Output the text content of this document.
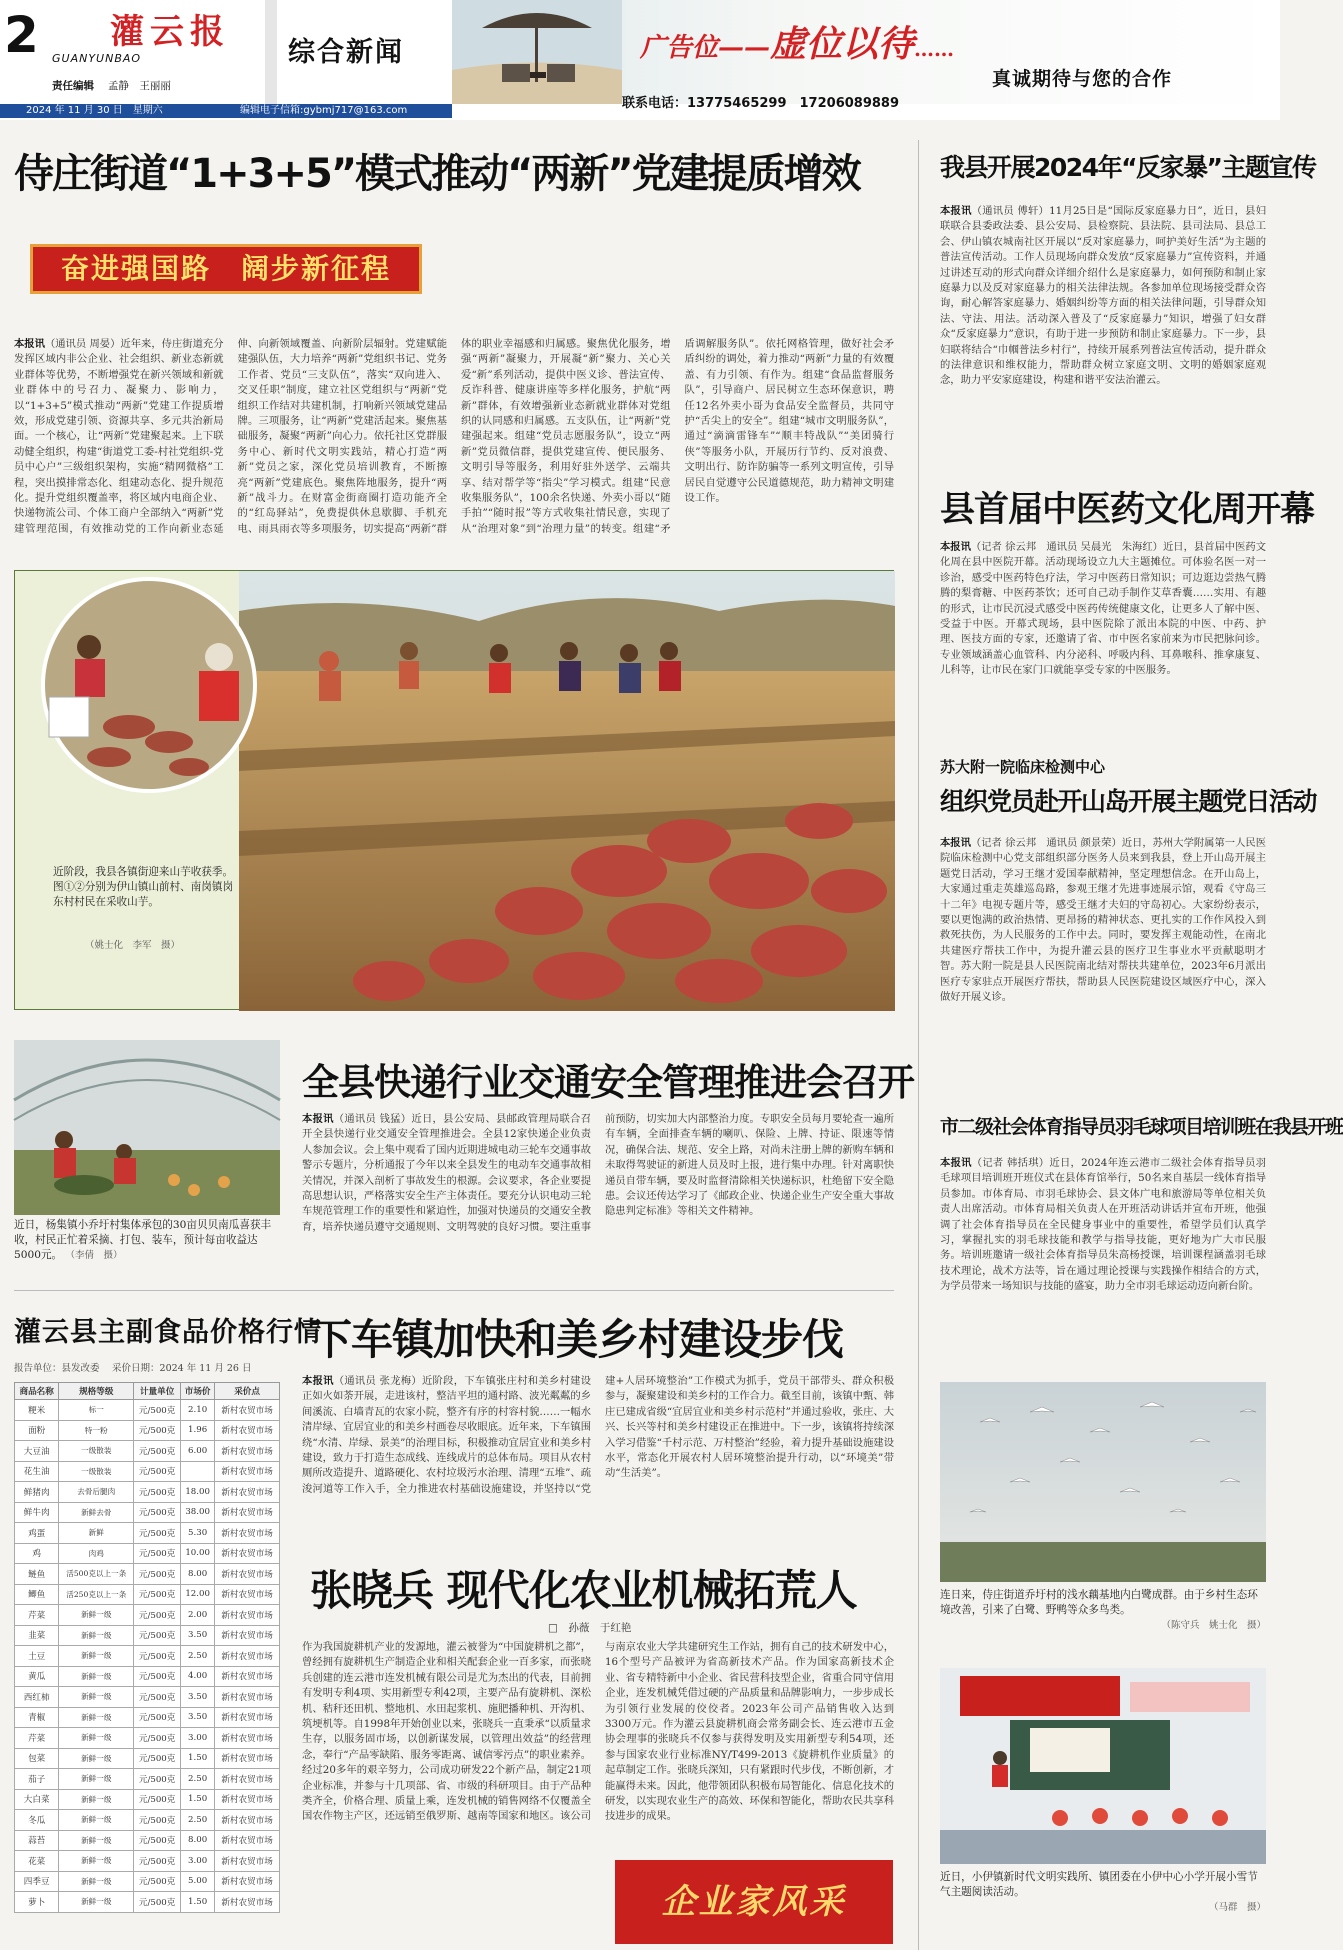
2 灌云报
GUANYUNBAO
责任编辑　 孟静　王丽丽
综合新闻	广告位——虚位以待……
真诚期待与您的合作
联系电话：13775465299　17206089889
2024 年 11 月 30 日　星期六	编辑电子信箱:gybmj717@163.com
侍庄街道“1+3+5”模式推动“两新”党建提质增效
奋进强国路　阔步新征程
本报讯（通讯员 周晏）近年来，侍庄街道充分发挥区域内非公企业、社会组织、新业态新就业群体等优势，不断增强党在新兴领域和新就业群体中的号召力、凝聚力、影响力，以“1+3+5”模式推动“两新”党建工作提质增效，形成党建引领、资源共享、多元共治新局面。一个核心，让“两新”党建聚起来。上下联动健全组织，构建“街道党工委-村社党组织-党员中心户”三级组织架构，实施“精网微格”工程，突出摸排常态化、组建动态化、提升规范化。提升党组织覆盖率，将区域内电商企业、快递物流公司、个体工商户全部纳入“两新”党建管理范围，有效推动党的工作向新业态延伸、向新领域覆盖、向新阶层辐射。党建赋能建强队伍，大力培养“两新”党组织书记、党务工作者、党员“三支队伍”，落实“双向进入、交叉任职”制度，建立社区党组织与“两新”党组织工作结对共建机制，打响新兴领域党建品牌。三项服务，让“两新”党建活起来。聚焦基础服务，凝聚“两新”向心力。依托社区党群服务中心、新时代文明实践站，精心打造“两新”党员之家，深化党员培训教育，不断擦亮“两新”党建底色。聚焦阵地服务，提升“两新”战斗力。在财富金街商圈打造功能齐全的“红岛驿站”，免费提供休息歇脚、手机充电、雨具雨衣等多项服务，切实提高“两新”群体的职业幸福感和归属感。聚焦优化服务，增强“两新”凝聚力，开展凝“新”聚力、关心关爱“新”系列活动，提供中医义诊、普法宣传、反诈科普、健康讲座等多样化服务，护航“两新”群体，有效增强新业态新就业群体对党组织的认同感和归属感。五支队伍，让“两新”党建强起来。组建“党员志愿服务队”，设立“两新”党员微信群，提供党建宣传、便民服务、文明引导等服务，利用好驻外送学、云端共享、结对帮学等“指尖”学习模式。组建“民意收集服务队”，100余名快递、外卖小哥以“随手拍”“随时报”等方式收集社情民意，实现了从“治理对象”到“治理力量”的转变。组建“矛盾调解服务队”。依托网格管理，做好社会矛盾纠纷的调处，着力推动“两新”力量的有效覆盖、有力引领、有作为。组建“食品监督服务队”，引导商户、居民树立生态环保意识，聘任12名外卖小哥为食品安全监督员，共同守护“舌尖上的安全”。组建“城市文明服务队”，通过“滴滴雷锋车”“顺丰特战队”“美团骑行侠”等服务小队，开展历行节约、反对浪费、文明出行、防诈防骗等一系列文明宣传，引导居民自觉遵守公民道德规范，助力精神文明建设工作。
近阶段，我县各镇街迎来山芋收获季。图①②分别为伊山镇山前村、南岗镇岗东村村民在采收山芋。
（姚士化　李军　摄）
近日，杨集镇小乔圩村集体承包的30亩贝贝南瓜喜获丰收，村民正忙着采摘、打包、装车，预计每亩收益达5000元。 （李倩　摄）
全县快递行业交通安全管理推进会召开
本报讯（通讯员 钱猛）近日，县公安局、县邮政管理局联合召开全县快递行业交通安全管理推进会。全县12家快递企业负责人参加会议。会上集中观看了国内近期进城电动三轮车交通事故警示专题片，分析通报了今年以来全县发生的电动车交通事故相关情况，并深入剖析了事故发生的根源。会议要求，各企业要提高思想认识，严格落实安全生产主体责任。要充分认识电动三轮车规范管理工作的重要性和紧迫性，加强对快递员的交通安全教育，培养快递员遵守交通规则、文明驾驶的良好习惯。要注重事前预防，切实加大内部整治力度。专职安全员每月要轮查一遍所有车辆，全面排查车辆的喇叭、保险、上牌、持证、限速等情况，确保合法、规范、安全上路，对尚未注册上牌的新购车辆和未取得驾驶证的新进人员及时上报，进行集中办理。针对离职快递员自带车辆，要及时监督清除相关快递标识，杜绝留下安全隐患。会议还传达学习了《邮政企业、快递企业生产安全重大事故隐患判定标准》等相关文件精神。
灌云县主副食品价格行情
报告单位：县发改委　 采价日期：2024 年 11 月 26 日
商品名称	规格等级	计量单位	市场价	采价点
粳米	标一	元/500克	2.10	新村农贸市场
面粉	特一粉	元/500克	1.96	新村农贸市场
大豆油	一级散装	元/500克	6.00	新村农贸市场
花生油	一级散装	元/500克		新村农贸市场
鲜猪肉	去骨后腿肉	元/500克	18.00	新村农贸市场
鲜牛肉	新鲜去骨	元/500克	38.00	新村农贸市场
鸡蛋	新鲜	元/500克	5.30	新村农贸市场
鸡	肉鸡	元/500克	10.00	新村农贸市场
鲢鱼	活500克以上一条	元/500克	8.00	新村农贸市场
鲫鱼	活250克以上一条	元/500克	12.00	新村农贸市场
芹菜	新鲜一级	元/500克	2.00	新村农贸市场
韭菜	新鲜一级	元/500克	3.50	新村农贸市场
土豆	新鲜一级	元/500克	2.50	新村农贸市场
黄瓜	新鲜一级	元/500克	4.00	新村农贸市场
西红柿	新鲜一级	元/500克	3.50	新村农贸市场
青椒	新鲜一级	元/500克	3.50	新村农贸市场
芹菜	新鲜一级	元/500克	3.00	新村农贸市场
包菜	新鲜一级	元/500克	1.50	新村农贸市场
茄子	新鲜一级	元/500克	2.50	新村农贸市场
大白菜	新鲜一级	元/500克	1.50	新村农贸市场
冬瓜	新鲜一级	元/500克	2.50	新村农贸市场
蒜苔	新鲜一级	元/500克	8.00	新村农贸市场
花菜	新鲜一级	元/500克	3.00	新村农贸市场
四季豆	新鲜一级	元/500克	5.00	新村农贸市场
萝卜	新鲜一级	元/500克	1.50	新村农贸市场
下车镇加快和美乡村建设步伐
本报讯（通讯员 张龙梅）近阶段，下车镇张庄村和美乡村建设正如火如荼开展，走进该村，整洁平坦的通村路、波光粼粼的乡间溪流、白墙青瓦的农家小院，整齐有序的村容村貌……一幅水清岸绿、宜居宜业的和美乡村画卷尽收眼底。近年来，下车镇围绕“水清、岸绿、景美”的治理目标，积极推动宜居宜业和美乡村建设，致力于打造生态成线、连线成片的总体布局。项目从农村厕所改造提升、道路硬化、农村垃圾污水治理、清理“五堆”、疏浚河道等工作入手，全力推进农村基础设施建设，并坚持以“党建+人居环境整治”工作模式为抓手，党员干部带头、群众积极参与，凝聚建设和美乡村的工作合力。截至目前，该镇中甄、韩庄已建成省级“宜居宜业和美乡村示范村”并通过验收，张庄、大兴、长兴等村和美乡村建设正在推进中。下一步，该镇将持续深入学习借鉴“千村示范、万村整治”经验，着力提升基础设施建设水平，常态化开展农村人居环境整治提升行动，以“环境美”带动“生活美”。
张晓兵 现代化农业机械拓荒人
□　孙薇　于红艳
作为我国旋耕机产业的发源地，灌云被誉为“中国旋耕机之都”，曾经拥有旋耕机生产制造企业和相关配套企业一百多家，而张晓兵创建的连云港市连发机械有限公司是尤为杰出的代表，目前拥有发明专利4项、实用新型专利42项，主要产品有旋耕机、深松机、秸秆还田机、整地机、水田起浆机、施肥播种机、开沟机、筑埂机等。自1998年开始创业以来，张晓兵一直秉承“以质量求生存，以服务固市场，以创新谋发展，以管理出效益”的经营理念，奉行“产品零缺陷、服务零距离、诚信零污点”的职业素养。经过20多年的艰辛努力，公司成功研发22个新产品，制定21项企业标准，并参与十几项部、省、市级的科研项目。由于产品种类齐全，价格合理、质量上乘，连发机械的销售网络不仅覆盖全国农作物主产区，还远销至俄罗斯、越南等国家和地区。该公司与南京农业大学共建研究生工作站，拥有自己的技术研发中心，16个型号产品被评为省高新技术产品。作为国家高新技术企业、省专精特新中小企业、省民营科技型企业，省重合同守信用企业，连发机械凭借过硬的产品质量和品牌影响力，一步步成长为引领行业发展的佼佼者。2023年公司产品销售收入达到3300万元。作为灌云县旋耕机商会常务副会长、连云港市五金协会理事的张晓兵不仅参与获得发明及实用新型专利54项，还参与国家农业行业标准NY/T499-2013《旋耕机作业质量》的起草制定工作。张晓兵深知，只有紧跟时代步伐，不断创新，才能赢得未来。因此，他带领团队积极布局智能化、信息化技术的研发，以实现农业生产的高效、环保和智能化，帮助农民共享科技进步的成果。
企业家风采
我县开展2024年“反家暴”主题宣传
本报讯（通讯员 傅轩）11月25日是“国际反家庭暴力日”，近日，县妇联联合县委政法委、县公安局、县检察院、县法院、县司法局、县总工会、伊山镇农城南社区开展以“反对家庭暴力，呵护美好生活”为主题的普法宣传活动。工作人员现场向群众发放“反家庭暴力”宣传资料，并通过讲述互动的形式向群众详细介绍什么是家庭暴力，如何预防和制止家庭暴力以及反对家庭暴力的相关法律法规。各参加单位现场接受群众咨询，耐心解答家庭暴力、婚姻纠纷等方面的相关法律问题，引导群众知法、守法、用法。活动深入普及了“反家庭暴力”知识，增强了妇女群众“反家庭暴力”意识，有助于进一步预防和制止家庭暴力。下一步，县妇联将结合“巾帼普法乡村行”，持续开展系列普法宣传活动，提升群众的法律意识和维权能力，帮助群众树立家庭文明、文明的婚姻家庭观念，助力平安家庭建设，构建和谐平安法治灌云。
县首届中医药文化周开幕
本报讯（记者 徐云邦　通讯员 吴晨光　朱海红）近日，县首届中医药文化周在县中医院开幕。活动现场设立九大主题摊位。可体验名医一对一诊治，感受中医药特色疗法，学习中医药日常知识；可边逛边尝热气腾腾的梨膏糖、中医药茶饮；还可自己动手制作艾草香囊……实用、有趣的形式，让市民沉浸式感受中医药传统健康文化，让更多人了解中医、受益于中医。开幕式现场，县中医院除了派出本院的中医、中药、护理、医技方面的专家，还邀请了省、市中医名家前来为市民把脉问诊。专业领域涵盖心血管科、内分泌科、呼吸内科、耳鼻喉科、推拿康复、儿科等，让市民在家门口就能享受专家的中医服务。
苏大附一院临床检测中心
组织党员赴开山岛开展主题党日活动
本报讯（记者 徐云邦　通讯员 颜景荣）近日，苏州大学附属第一人民医院临床检测中心党支部组织部分医务人员来到我县，登上开山岛开展主题党日活动，学习王继才爱国奉献精神，坚定理想信念。在开山岛上，大家通过重走英雄巡岛路，参观王继才先进事迹展示馆，观看《守岛三十二年》电视专题片等，感受王继才夫妇的守岛初心。大家纷纷表示，要以更饱满的政治热情、更昂扬的精神状态、更扎实的工作作风投入到救死扶伤，为人民服务的工作中去。同时，要发挥主观能动性，在南北共建医疗帮扶工作中，为提升灌云县的医疗卫生事业水平贡献聪明才智。苏大附一院是县人民医院南北结对帮扶共建单位，2023年6月派出医疗专家驻点开展医疗帮扶，帮助县人民医院建设区域医疗中心，深入做好开展义诊。
市二级社会体育指导员羽毛球项目培训班在我县开班
本报讯（记者 韩括琪）近日，2024年连云港市二级社会体育指导员羽毛球项目培训班开班仪式在县体育馆举行，50名来自基层一线体育指导员参加。市体育局、市羽毛球协会、县文体广电和旅游局等单位相关负责人出席活动。市体育局相关负责人在开班活动讲话并宣布开班，他强调了社会体育指导员在全民健身事业中的重要性，希望学员们认真学习，掌握扎实的羽毛球技能和教学与指导技能，更好地为广大市民服务。培训班邀请一级社会体育指导员朱高杨授课，培训课程涵盖羽毛球技术理论，战术方法等，旨在通过理论授课与实践操作相结合的方式，为学员带来一场知识与技能的盛宴，助力全市羽毛球运动迈向新台阶。
连日来，侍庄街道乔圩村的浅水藕基地内白鹭成群。由于乡村生态环境改善，引来了白鹭、野鸭等众多鸟类。
（陈守兵　姚士化　摄）
近日，小伊镇新时代文明实践所、镇团委在小伊中心小学开展小雪节气主题阅读活动。
（马群　摄）
